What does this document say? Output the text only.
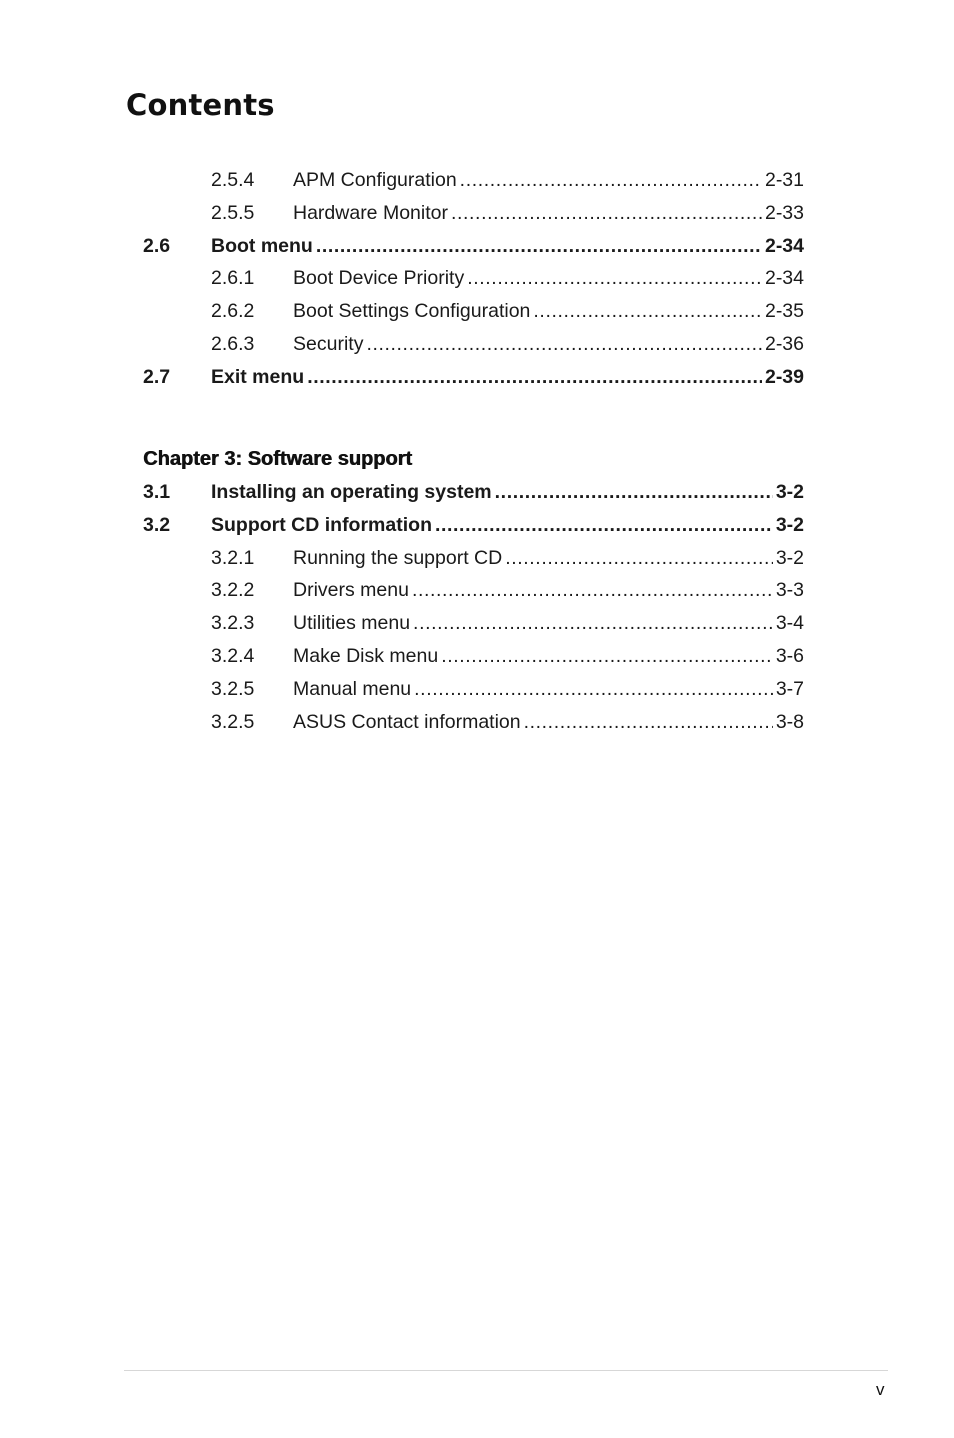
Contents
2.5.4	APM Configuration .....	2-31
2.5.5	Hardware Monitor .....	2-33
2.6	Boot menu .....	2-34
2.6.1	Boot Device Priority .....	2-34
2.6.2	Boot Settings Configuration .....	2-35
2.6.3	Security .....	2-36
2.7	Exit menu .....	2-39
Chapter 3: Software support
3.1	Installing an operating system .....	3-2
3.2	Support CD information .....	3-2
3.2.1	Running the support CD .....	3-2
3.2.2	Drivers menu .....	3-3
3.2.3	Utilities menu .....	3-4
3.2.4	Make Disk menu .....	3-6
3.2.5	Manual menu .....	3-7
3.2.5	ASUS Contact information .....	3-8
v
